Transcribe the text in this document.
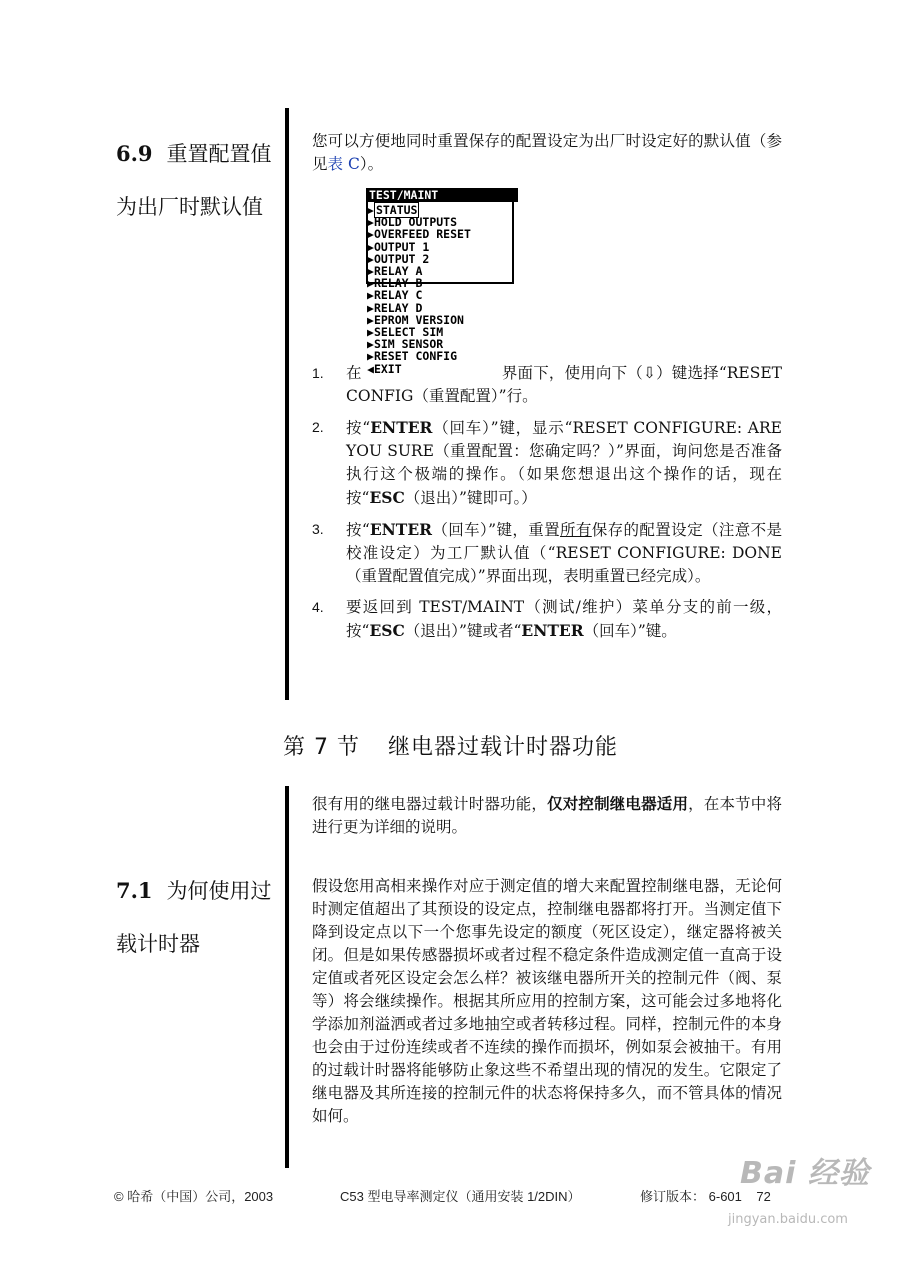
6.9 重置配置值
为出厂时默认值
您可以方便地同时重置保存的配置设定为出厂时设定好的默认值（参见表 C）。
TEST/MAINT
▶ STATUS
▶HOLD OUTPUTS
▶OVERFEED RESET
▶OUTPUT 1
▶OUTPUT 2
▶RELAY A
▶RELAY B
▶RELAY C
▶RELAY D
▶EPROM VERSION
▶SELECT SIM
▶SIM SENSOR
▶RESET CONFIG
◀EXIT
1. 在	界面下，使用向下（⇩）键选择“RESET CONFIG（重置配置）”行。
2. 按“ENTER（回车）”键，显示“RESET CONFIGURE: ARE YOU SURE（重置配置：您确定吗？）”界面，询问您是否准备执行这个极端的操作。（如果您想退出这个操作的话，现在按“ESC（退出）”键即可。）
3. 按“ENTER（回车）”键，重置所有保存的配置设定（注意不是校准设定）为工厂默认值（“RESET CONFIGURE: DONE（重置配置值完成）”界面出现，表明重置已经完成）。
4. 要返回到 TEST/MAINT（测试/维护）菜单分支的前一级，按“ESC（退出）”键或者“ENTER（回车）”键。
第 7 节 继电器过载计时器功能
很有用的继电器过载计时器功能，仅对控制继电器适用，在本节中将进行更为详细的说明。
7.1 为何使用过
载计时器
假设您用高相来操作对应于测定值的增大来配置控制继电器，无论何时测定值超出了其预设的设定点，控制继电器都将打开。当测定值下降到设定点以下一个您事先设定的额度（死区设定），继定器将被关闭。但是如果传感器损坏或者过程不稳定条件造成测定值一直高于设定值或者死区设定会怎么样？被该继电器所开关的控制元件（阀、泵等）将会继续操作。根据其所应用的控制方案，这可能会过多地将化学添加剂溢洒或者过多地抽空或者转移过程。同样，控制元件的本身也会由于过份连续或者不连续的操作而损坏，例如泵会被抽干。有用的过载计时器将能够防止象这些不希望出现的情况的发生。它限定了继电器及其所连接的控制元件的状态将保持多久，而不管具体的情况如何。
© 哈希（中国）公司，2003	C53 型电导率测定仪（通用安装 1/2DIN）	修订版本： 6-601 72
Bai 经验
jingyan.baidu.com
